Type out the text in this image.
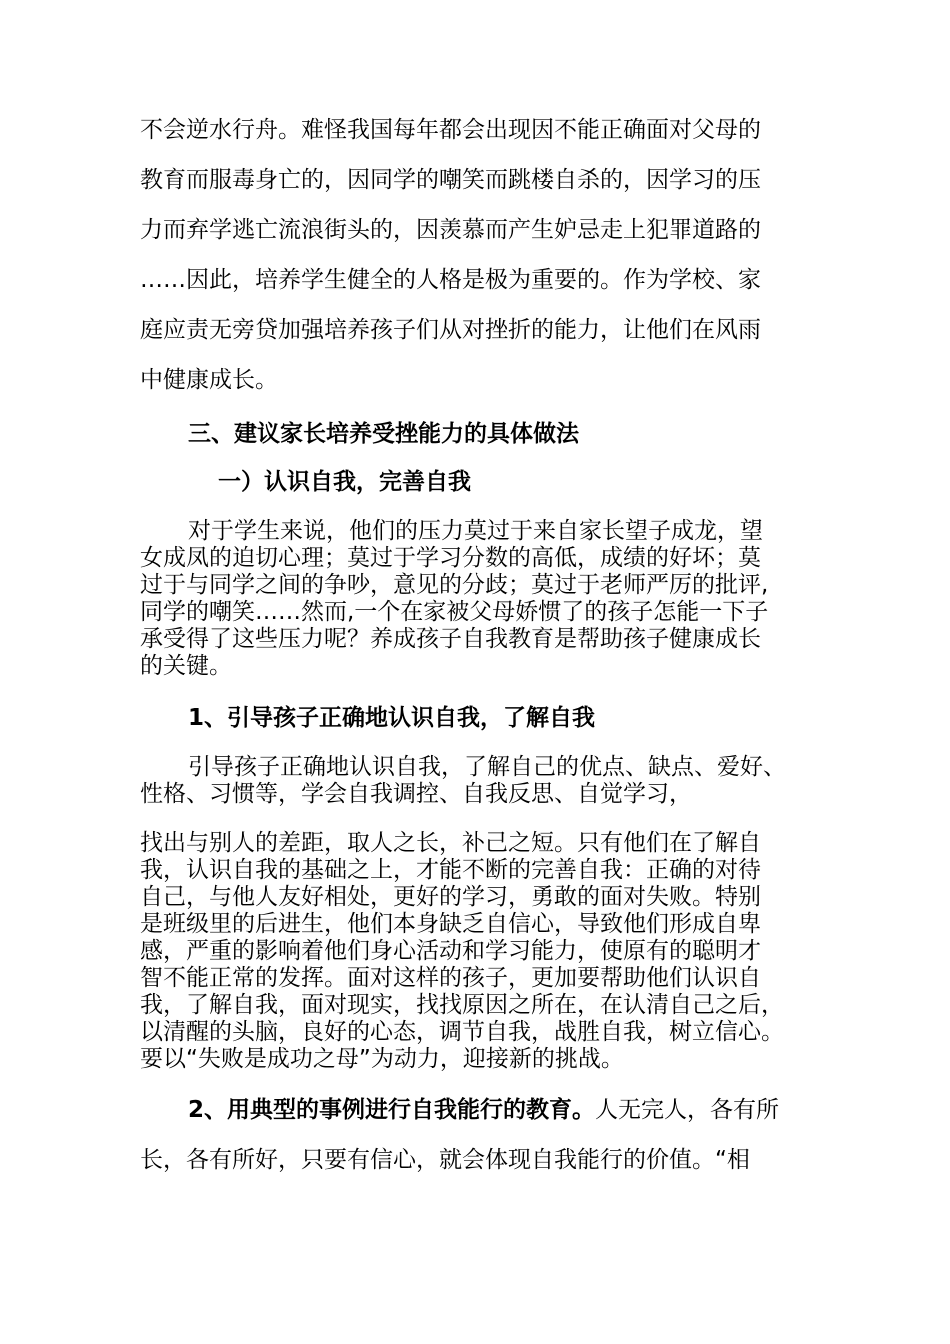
不会逆水行舟。难怪我国每年都会出现因不能正确面对父母的

教育而服毒身亡的，因同学的嘲笑而跳楼自杀的，因学习的压

力而弃学逃亡流浪街头的，因羡慕而产生妒忌走上犯罪道路的

……因此，培养学生健全的人格是极为重要的。作为学校、家

庭应责无旁贷加强培养孩子们从对挫折的能力，让他们在风雨

中健康成长。

三、建议家长培养受挫能力的具体做法

一）认识自我，完善自我

对于学生来说，他们的压力莫过于来自家长望子成龙，望

女成凤的迫切心理；莫过于学习分数的高低，成绩的好坏；莫

过于与同学之间的争吵，意见的分歧；莫过于老师严厉的批评,

同学的嘲笑……然而,一个在家被父母娇惯了的孩子怎能一下子

承受得了这些压力呢？养成孩子自我教育是帮助孩子健康成长

的关键。

1、引导孩子正确地认识自我，了解自我

引导孩子正确地认识自我，了解自己的优点、缺点、爱好、

性格、习惯等，学会自我调控、自我反思、自觉学习，

找出与别人的差距，取人之长，补己之短。只有他们在了解自

我，认识自我的基础之上，才能不断的完善自我：正确的对待

自己，与他人友好相处，更好的学习，勇敢的面对失败。特别

是班级里的后进生，他们本身缺乏自信心，导致他们形成自卑

感，严重的影响着他们身心活动和学习能力，使原有的聪明才

智不能正常的发挥。面对这样的孩子，更加要帮助他们认识自

我，了解自我，面对现实，找找原因之所在，在认清自己之后，

以清醒的头脑，良好的心态，调节自我，战胜自我，树立信心。

要以“失败是成功之母”为动力，迎接新的挑战。

2、用典型的事例进行自我能行的教育。人无完人，各有所

长，各有所好，只要有信心，就会体现自我能行的价值。“相
